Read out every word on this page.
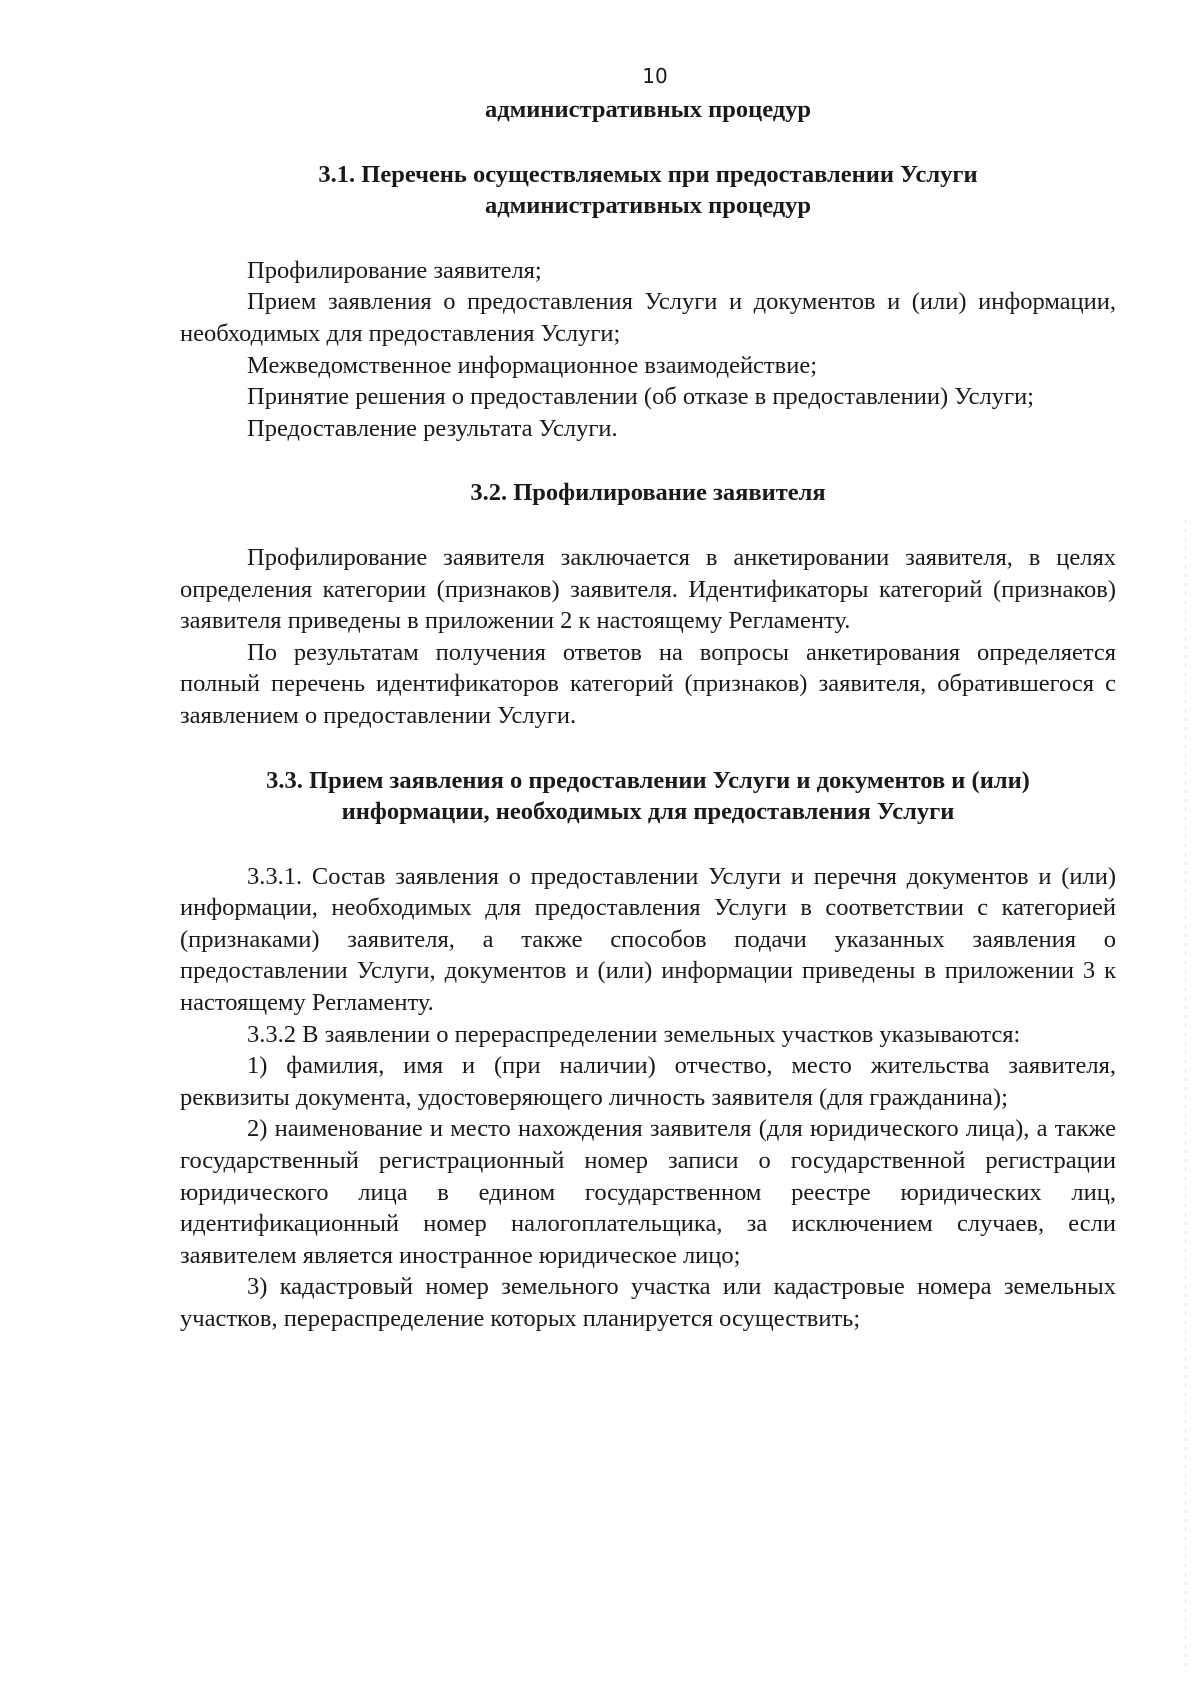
10

административных процедур

3.1. Перечень осуществляемых при предоставлении Услуги

административных процедур

Профилирование заявителя;

Прием заявления о предоставления Услуги и документов и (или) информации, необходимых для предоставления Услуги;

Межведомственное информационное взаимодействие;

Принятие решения о предоставлении (об отказе в предоставлении) Услуги;

Предоставление результата Услуги.

3.2. Профилирование заявителя

Профилирование заявителя заключается в анкетировании заявителя, в целях определения категории (признаков) заявителя. Идентификаторы категорий (признаков) заявителя приведены в приложении 2 к настоящему Регламенту.

По результатам получения ответов на вопросы анкетирования определяется полный перечень идентификаторов категорий (признаков) заявителя, обратившегося с заявлением о предоставлении Услуги.

3.3. Прием заявления о предоставлении Услуги и документов и (или)

информации, необходимых для предоставления Услуги

3.3.1. Состав заявления о предоставлении Услуги и перечня документов и (или) информации, необходимых для предоставления Услуги в соответствии с категорией (признаками) заявителя, а также способов подачи указанных заявления о предоставлении Услуги, документов и (или) информации приведены в приложении 3 к настоящему Регламенту.

3.3.2 В заявлении о перераспределении земельных участков указываются:

1) фамилия, имя и (при наличии) отчество, место жительства заявителя, реквизиты документа, удостоверяющего личность заявителя (для гражданина);

2) наименование и место нахождения заявителя (для юридического лица), а также государственный регистрационный номер записи о государственной регистрации юридического лица в едином государственном реестре юридических лиц, идентификационный номер налогоплательщика, за исключением случаев, если заявителем является иностранное юридическое лицо;

3) кадастровый номер земельного участка или кадастровые номера земельных участков, перераспределение которых планируется осуществить;
